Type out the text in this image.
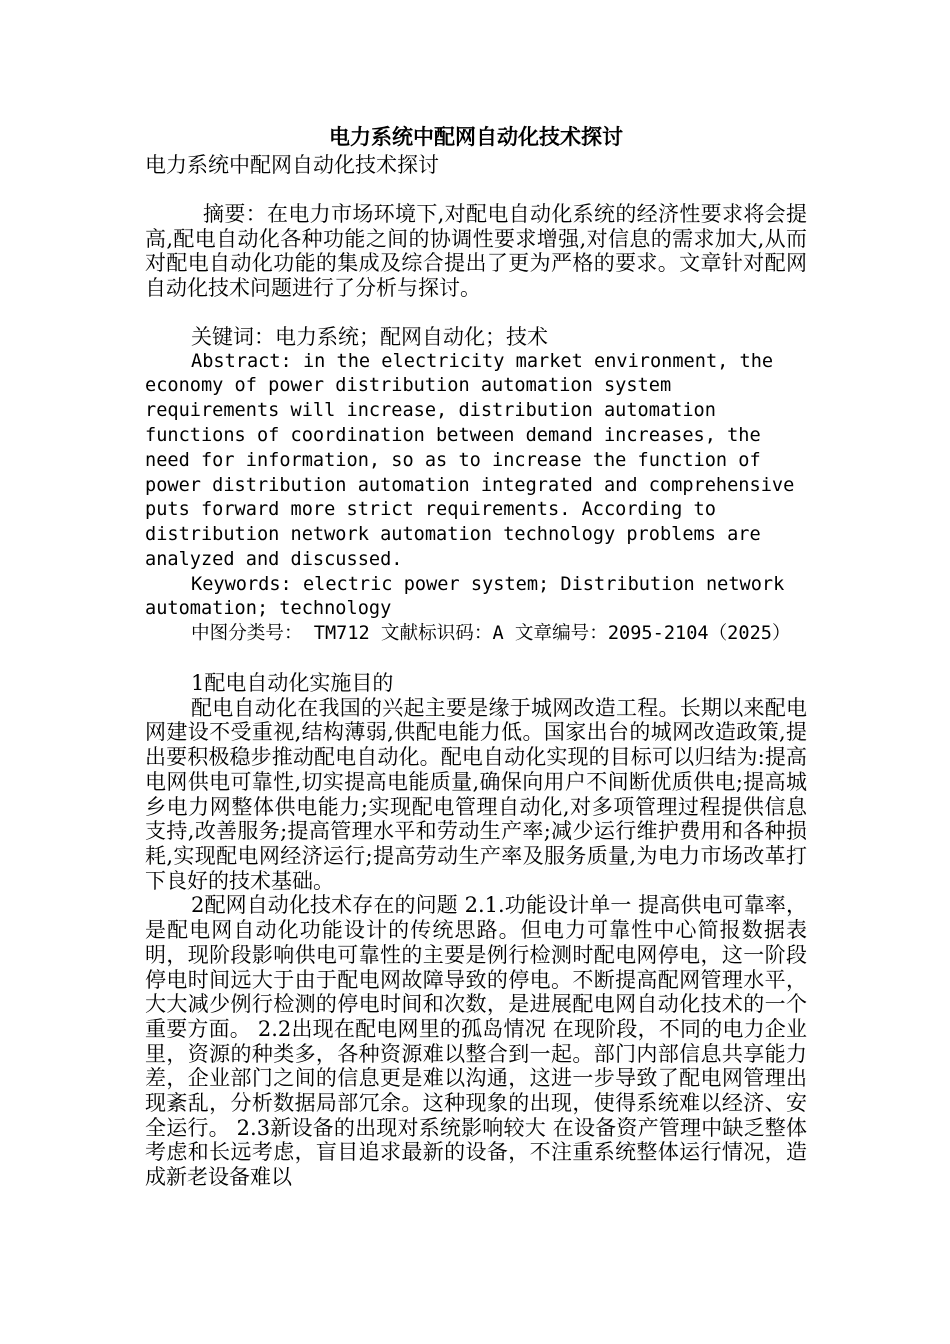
电力系统中配网自动化技术探讨

电力系统中配网自动化技术探讨

摘要：在电力市场环境下,对配电自动化系统的经济性要求将会提高,配电自动化各种功能之间的协调性要求增强,对信息的需求加大,从而对配电自动化功能的集成及综合提出了更为严格的要求。文章针对配网自动化技术问题进行了分析与探讨。

关键词：电力系统；配网自动化；技术

Abstract: in the electricity market environment, the economy of power distribution automation system requirements will increase, distribution automation functions of coordination between demand increases, the need for information, so as to increase the function of power distribution automation integrated and comprehensive puts forward more strict requirements. According to distribution network automation technology problems are analyzed and discussed.

Keywords: electric power system; Distribution network automation; technology

中图分类号： TM712 文献标识码：A 文章编号：2095-2104（2025）

1配电自动化实施目的

配电自动化在我国的兴起主要是缘于城网改造工程。长期以来配电网建设不受重视,结构薄弱,供配电能力低。国家出台的城网改造政策,提出要积极稳步推动配电自动化。配电自动化实现的目标可以归结为:提高电网供电可靠性,切实提高电能质量,确保向用户不间断优质供电;提高城乡电力网整体供电能力;实现配电管理自动化,对多项管理过程提供信息支持,改善服务;提高管理水平和劳动生产率;减少运行维护费用和各种损耗,实现配电网经济运行;提高劳动生产率及服务质量,为电力市场改革打下良好的技术基础。

2配网自动化技术存在的问题 2.1.功能设计单一 提高供电可靠率，是配电网自动化功能设计的传统思路。但电力可靠性中心简报数据表明，现阶段影响供电可靠性的主要是例行检测时配电网停电，这一阶段停电时间远大于由于配电网故障导致的停电。不断提高配网管理水平，大大减少例行检测的停电时间和次数，是进展配电网自动化技术的一个重要方面。 2.2出现在配电网里的孤岛情况 在现阶段，不同的电力企业里，资源的种类多，各种资源难以整合到一起。部门内部信息共享能力差，企业部门之间的信息更是难以沟通，这进一步导致了配电网管理出现紊乱，分析数据局部冗余。这种现象的出现，使得系统难以经济、安全运行。 2.3新设备的出现对系统影响较大 在设备资产管理中缺乏整体考虑和长远考虑，盲目追求最新的设备，不注重系统整体运行情况，造成新老设备难以
